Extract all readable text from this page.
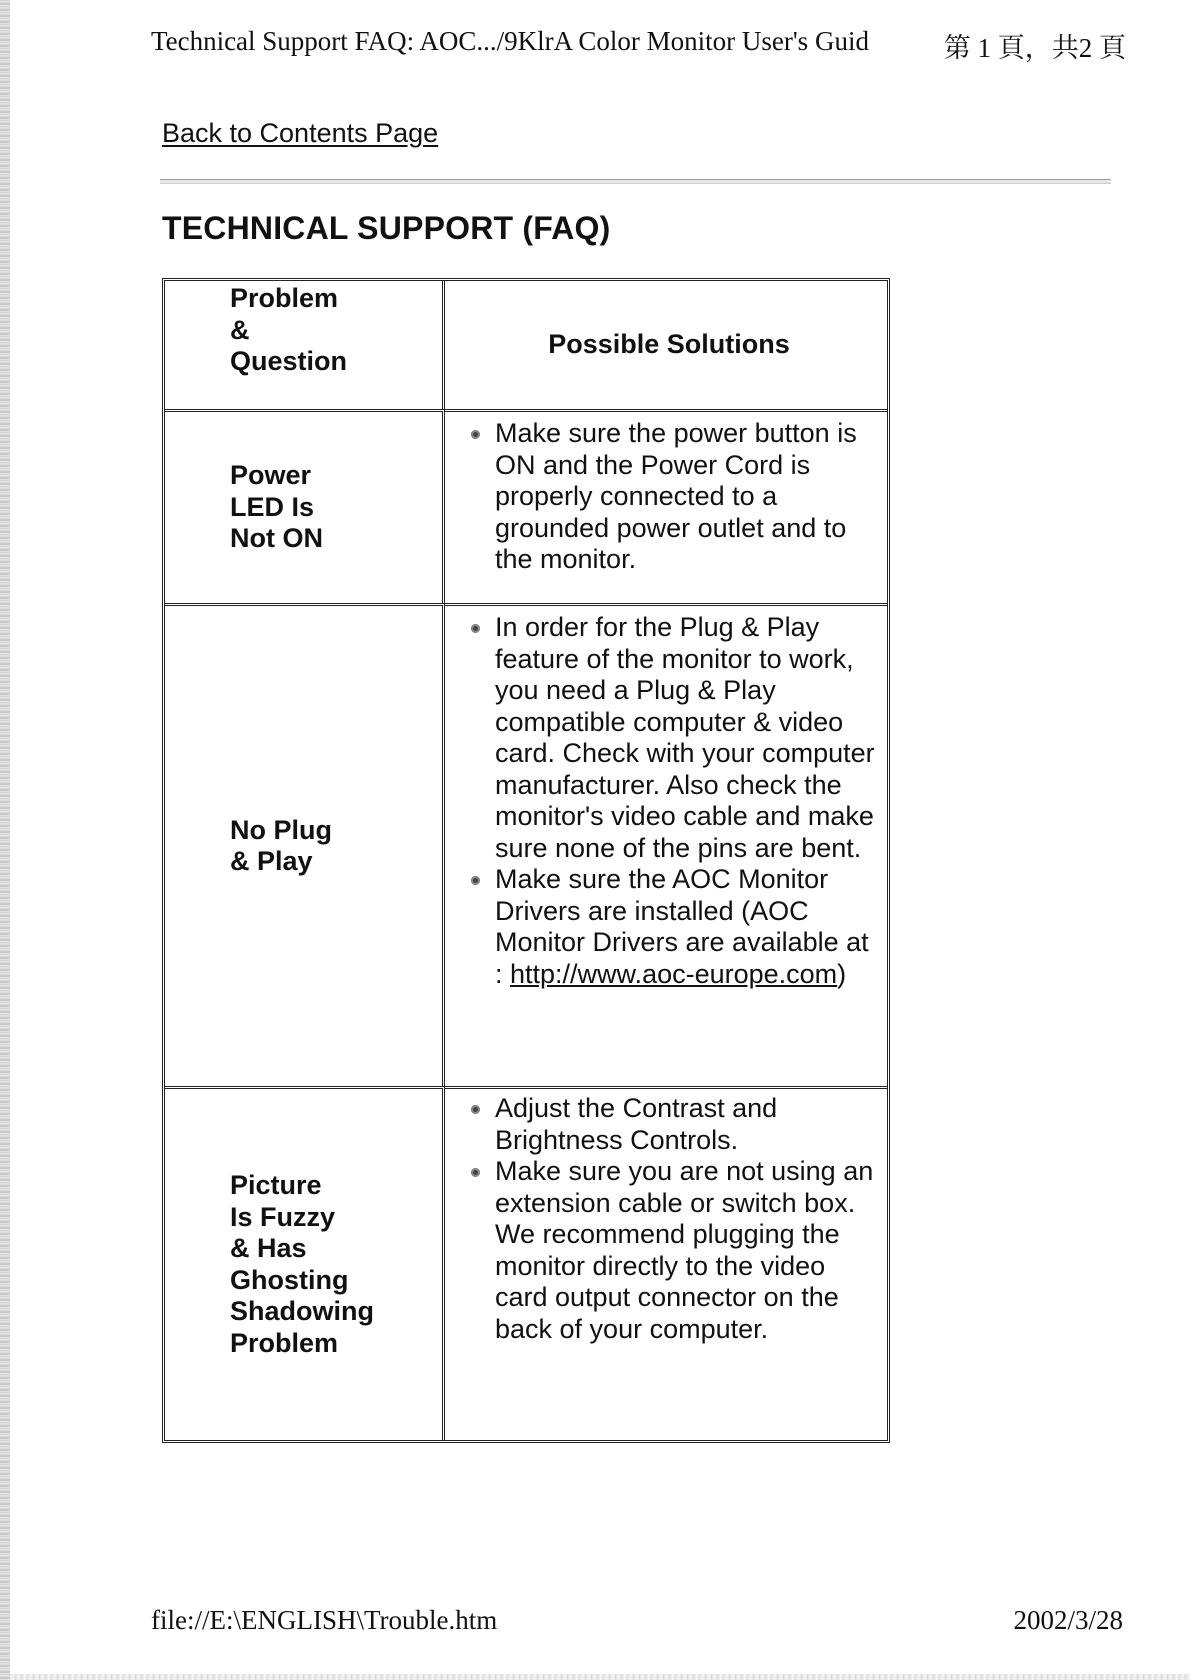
Technical Support FAQ: AOC.../9KlrA Color Monitor User's Guid	第 1 頁，共2 頁
Back to Contents Page
TECHNICAL SUPPORT (FAQ)
Problem
&
Question
Possible Solutions
Power
LED Is
Not ON
Make sure the power button is ON and the Power Cord is properly connected to a grounded power outlet and to the monitor.
No Plug
& Play
In order for the Plug & Play feature of the monitor to work, you need a Plug & Play compatible computer & video card. Check with your computer manufacturer. Also check the monitor's video cable and make sure none of the pins are bent.
Make sure the AOC Monitor Drivers are installed (AOC Monitor Drivers are available at : http://www.aoc-europe.com)
Picture
Is Fuzzy
& Has
Ghosting
Shadowing
Problem
Adjust the Contrast and Brightness Controls.
Make sure you are not using an extension cable or switch box. We recommend plugging the monitor directly to the video card output connector on the back of your computer.
file://E:\ENGLISH\Trouble.htm	2002/3/28
